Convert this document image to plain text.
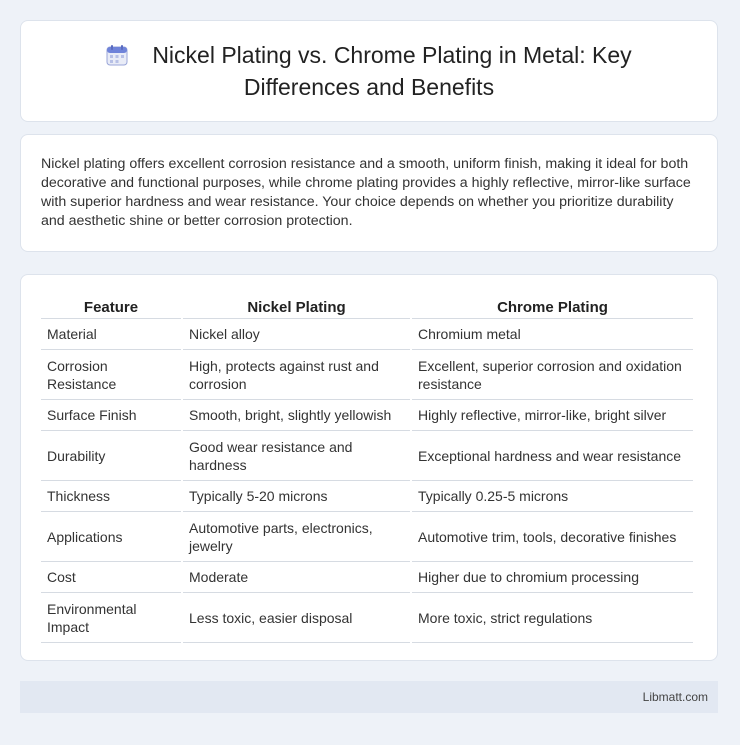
Nickel Plating vs. Chrome Plating in Metal: Key Differences and Benefits

Nickel plating offers excellent corrosion resistance and a smooth, uniform finish, making it ideal for both decorative and functional purposes, while chrome plating provides a highly reflective, mirror-like surface with superior hardness and wear resistance. Your choice depends on whether you prioritize durability and aesthetic shine or better corrosion protection.

Feature	Nickel Plating	Chrome Plating
Material	Nickel alloy	Chromium metal
Corrosion Resistance	High, protects against rust and corrosion	Excellent, superior corrosion and oxidation resistance
Surface Finish	Smooth, bright, slightly yellowish	Highly reflective, mirror-like, bright silver
Durability	Good wear resistance and hardness	Exceptional hardness and wear resistance
Thickness	Typically 5-20 microns	Typically 0.25-5 microns
Applications	Automotive parts, electronics, jewelry	Automotive trim, tools, decorative finishes
Cost	Moderate	Higher due to chromium processing
Environmental Impact	Less toxic, easier disposal	More toxic, strict regulations
Libmatt.com
